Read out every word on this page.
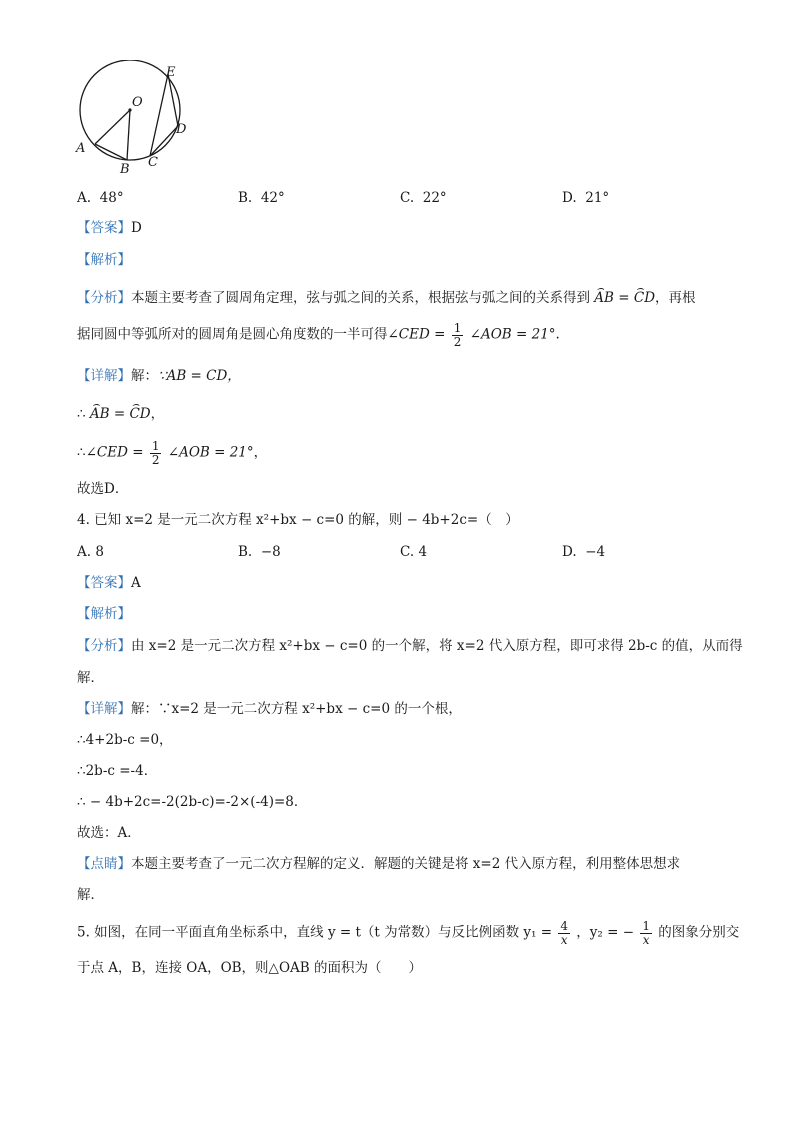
O
A
B C
D
E
A. 48°	B. 42°	C. 22°	D. 21°
【答案】D
【解析】
【分析】本题主要考查了圆周角定理，弦与弧之间的关系，根据弦与弧之间的关系得到 ⌢ AB = ⌢ CD，再根
据同圆中等弧所对的圆周角是圆心角度数的一半可得∠CED = $\frac{1}{2}$ ∠AOB = 21°.
【详解】解：∵AB = CD，
∴ ⌢ AB = ⌢ CD，
∴∠CED = $\frac{1}{2}$ ∠AOB = 21°，
故选D．
4. 已知 x=2 是一元二次方程 x²+bx − c=0 的解，则 − 4b+2c=（　）
A. 8	B. −8	C. 4	D. −4
【答案】A
【解析】
【分析】由 x=2 是一元二次方程 x²+bx − c=0 的一个解，将 x=2 代入原方程，即可求得 2b-c 的值，从而得
解．
【详解】解：∵x=2 是一元二次方程 x²+bx − c=0 的一个根，
∴4+2b-c =0，
∴2b-c =-4．
∴ − 4b+2c=-2(2b-c)=-2×(-4)=8．
故选：A．
【点睛】本题主要考查了一元二次方程解的定义．解题的关键是将 x=2 代入原方程，利用整体思想求
解．
5. 如图，在同一平面直角坐标系中，直线 y = t（t 为常数）与反比例函数 $y_1 = \frac{4}{x}$ ，y₂ = − $\frac{1}{x}$ 的图象分别交
于点 A，B，连接 OA，OB，则△OAB 的面积为（　　）
